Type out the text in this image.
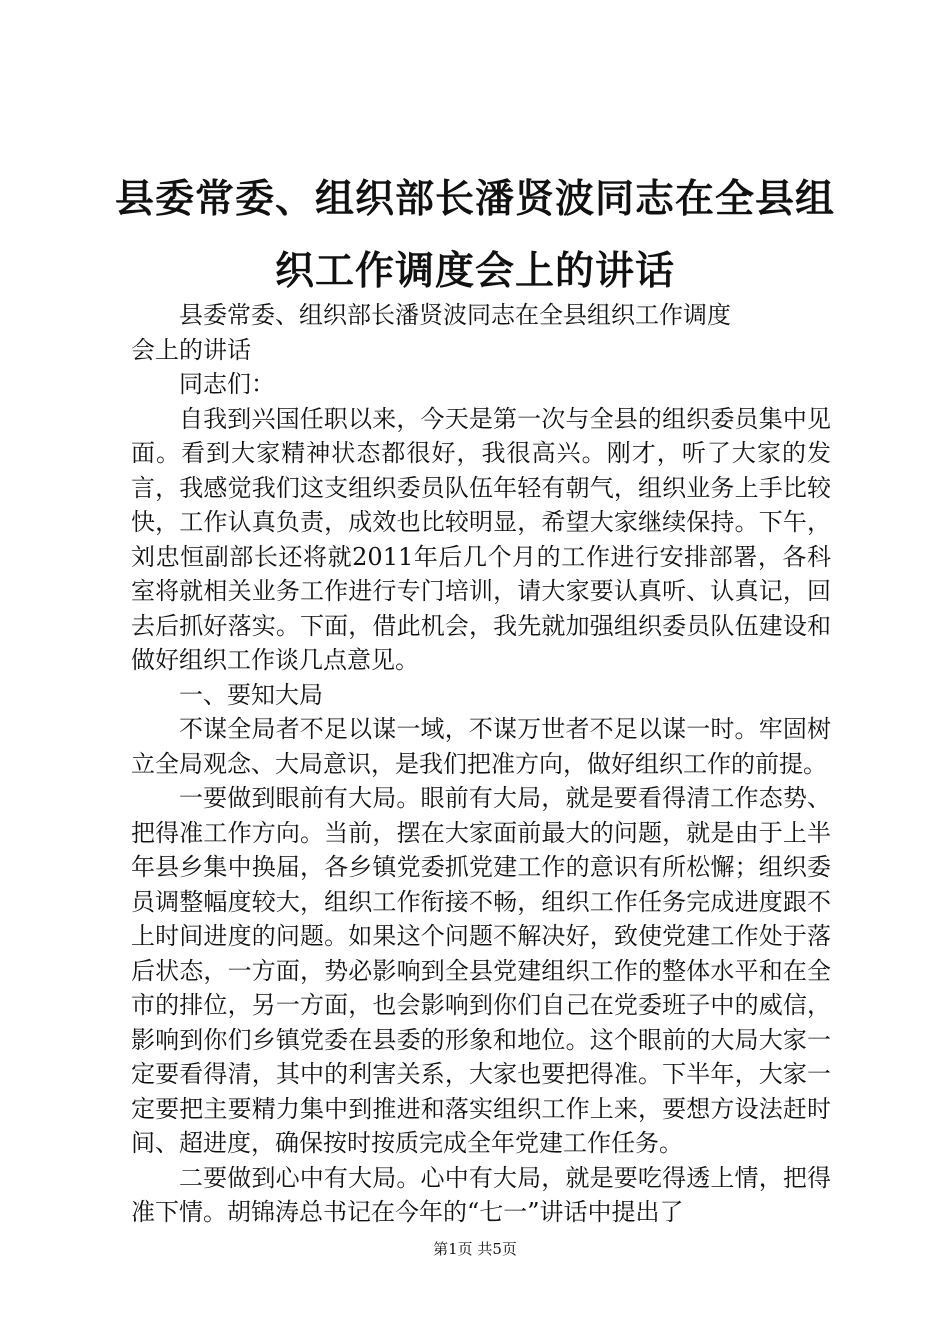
县委常委、组织部长潘贤波同志在全县组织工作调度会上的讲话

县委常委、组织部长潘贤波同志在全县组织工作调度
会上的讲话

同志们：

自我到兴国任职以来，今天是第一次与全县的组织委员集中见面。看到大家精神状态都很好，我很高兴。刚才，听了大家的发言，我感觉我们这支组织委员队伍年轻有朝气，组织业务上手比较快，工作认真负责，成效也比较明显，希望大家继续保持。下午，刘忠恒副部长还将就2011年后几个月的工作进行安排部署，各科室将就相关业务工作进行专门培训，请大家要认真听、认真记，回去后抓好落实。下面，借此机会，我先就加强组织委员队伍建设和做好组织工作谈几点意见。

一、要知大局

不谋全局者不足以谋一域，不谋万世者不足以谋一时。牢固树立全局观念、大局意识，是我们把准方向，做好组织工作的前提。

一要做到眼前有大局。眼前有大局，就是要看得清工作态势、把得准工作方向。当前，摆在大家面前最大的问题，就是由于上半年县乡集中换届，各乡镇党委抓党建工作的意识有所松懈；组织委员调整幅度较大，组织工作衔接不畅，组织工作任务完成进度跟不上时间进度的问题。如果这个问题不解决好，致使党建工作处于落后状态，一方面，势必影响到全县党建组织工作的整体水平和在全市的排位，另一方面，也会影响到你们自己在党委班子中的威信，影响到你们乡镇党委在县委的形象和地位。这个眼前的大局大家一定要看得清，其中的利害关系，大家也要把得准。下半年，大家一定要把主要精力集中到推进和落实组织工作上来，要想方设法赶时间、超进度，确保按时按质完成全年党建工作任务。

二要做到心中有大局。心中有大局，就是要吃得透上情，把得准下情。胡锦涛总书记在今年的“七一”讲话中提出了

第1页 共5页
